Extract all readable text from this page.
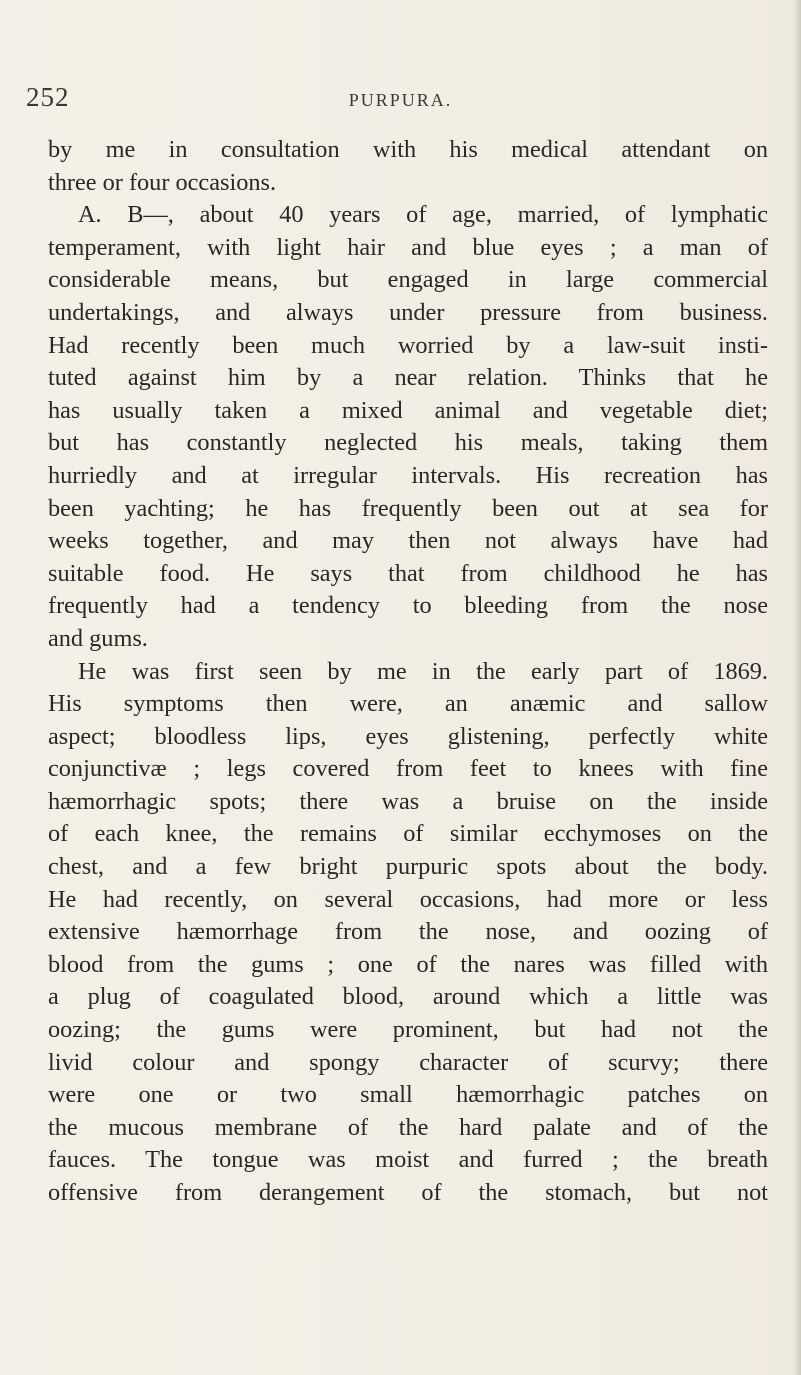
252	PURPURA.
by me in consultation with his medical attendant on
three or four occasions.
A. B—, about 40 years of age, married, of lymphatic
temperament, with light hair and blue eyes ; a man of
considerable means, but engaged in large commercial
undertakings, and always under pressure from business.
Had recently been much worried by a law-suit insti-
tuted against him by a near relation. Thinks that he
has usually taken a mixed animal and vegetable diet;
but has constantly neglected his meals, taking them
hurriedly and at irregular intervals. His recreation has
been yachting; he has frequently been out at sea for
weeks together, and may then not always have had
suitable food. He says that from childhood he has
frequently had a tendency to bleeding from the nose
and gums.
He was first seen by me in the early part of 1869.
His symptoms then were, an anæmic and sallow
aspect; bloodless lips, eyes glistening, perfectly white
conjunctivæ ; legs covered from feet to knees with fine
hæmorrhagic spots; there was a bruise on the inside
of each knee, the remains of similar ecchymoses on the
chest, and a few bright purpuric spots about the body.
He had recently, on several occasions, had more or less
extensive hæmorrhage from the nose, and oozing of
blood from the gums ; one of the nares was filled with
a plug of coagulated blood, around which a little was
oozing; the gums were prominent, but had not the
livid colour and spongy character of scurvy; there
were one or two small hæmorrhagic patches on
the mucous membrane of the hard palate and of the
fauces. The tongue was moist and furred ; the breath
offensive from derangement of the stomach, but not
